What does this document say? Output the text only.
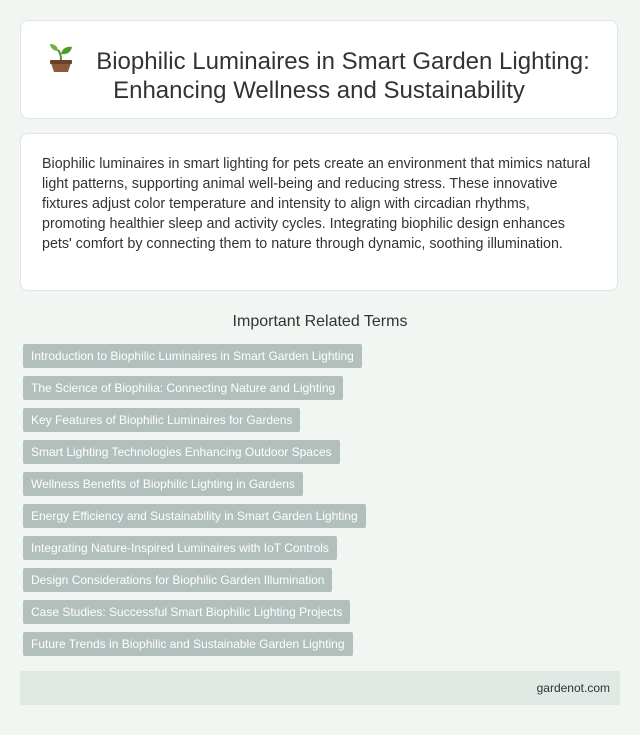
Biophilic Luminaires in Smart Garden Lighting:
Enhancing Wellness and Sustainability

Biophilic luminaires in smart lighting for pets create an environment that mimics natural light patterns, supporting animal well-being and reducing stress. These innovative fixtures adjust color temperature and intensity to align with circadian rhythms, promoting healthier sleep and activity cycles. Integrating biophilic design enhances pets' comfort by connecting them to nature through dynamic, soothing illumination.

Important Related Terms
Introduction to Biophilic Luminaires in Smart Garden Lighting
The Science of Biophilia: Connecting Nature and Lighting
Key Features of Biophilic Luminaires for Gardens
Smart Lighting Technologies Enhancing Outdoor Spaces
Wellness Benefits of Biophilic Lighting in Gardens
Energy Efficiency and Sustainability in Smart Garden Lighting
Integrating Nature-Inspired Luminaires with IoT Controls
Design Considerations for Biophilic Garden Illumination
Case Studies: Successful Smart Biophilic Lighting Projects
Future Trends in Biophilic and Sustainable Garden Lighting
gardenot.com
